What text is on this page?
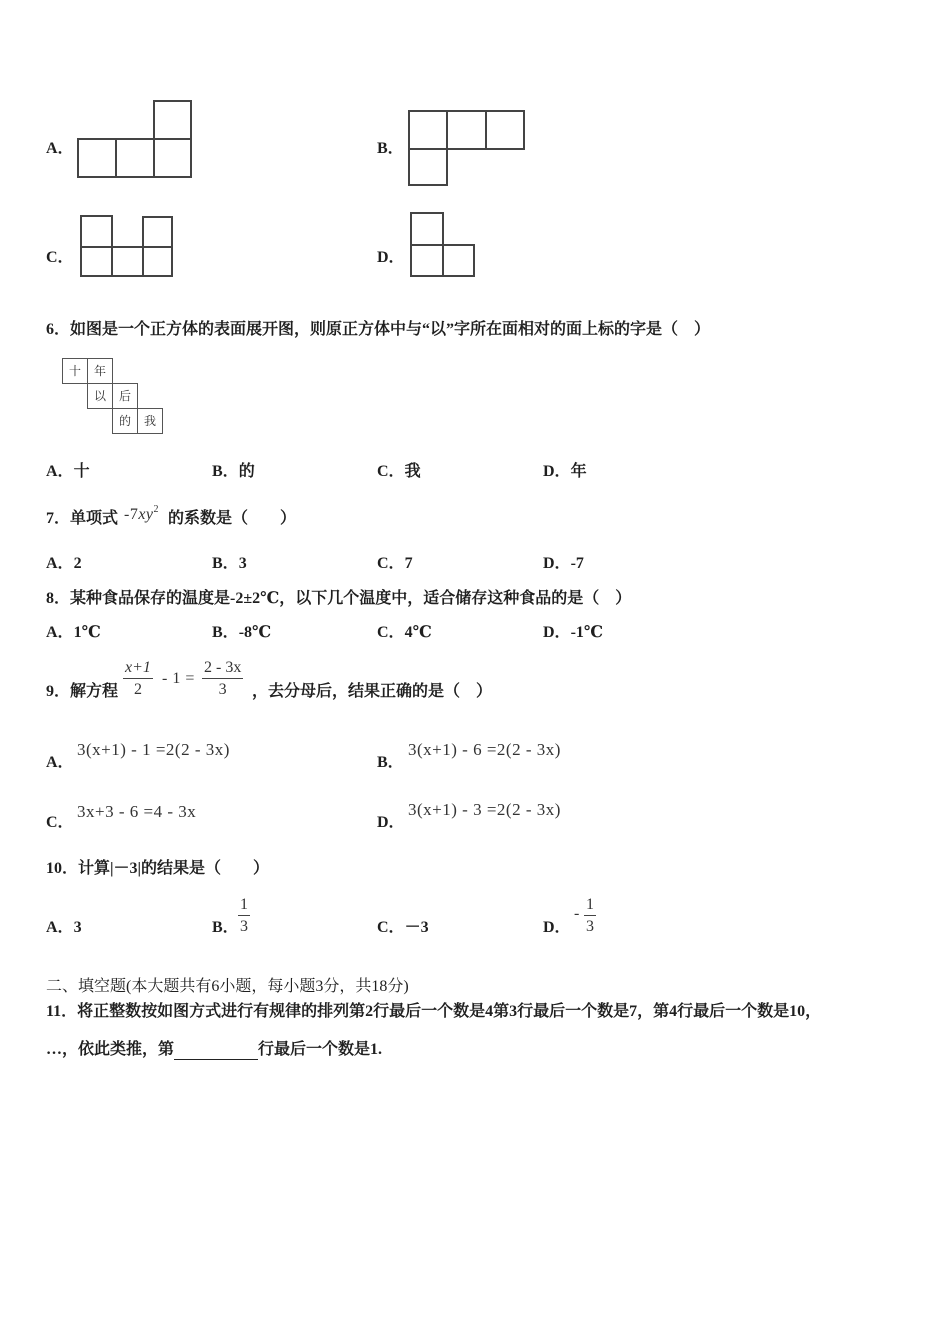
A．	B．
C．	D．
6．如图是一个正方体的表面展开图，则原正方体中与“以”字所在面相对的面上标的字是（　）
十	年
以	后
的	我
A．十	B．的	C．我	D．年
7．单项式 $-7xy^2$
的系数是（　　）
A．2	B．3	C．7	D．-7
8．某种食品保存的温度是-2±2℃，以下几个温度中，适合储存这种食品的是（　）
A．1℃	B．-8℃	C．4℃	D．-1℃
9．解方程 $\frac{x+1}{2} - 1 = \frac{2 - 3x}{3}$ ，去分母后，结果正确的是（　）
A．
3(x+1) - 1 =2(2 - 3x)
B．
3(x+1) - 6 =2(2 - 3x)
C．
3x+3 - 6 =4 - 3x
D．
3(x+1) - 3 =2(2 - 3x)
10．计算|－3|的结果是（　　）
A．3	B． $\frac{1}{3}$	C．－3	D．
- $\frac{1}{3}$
二、填空题(本大题共有6小题，每小题3分，共18分)
11．将正整数按如图方式进行有规律的排列第2行最后一个数是4第3行最后一个数是7，第4行最后一个数是10，
…，依此类推，第	行最后一个数是1.
